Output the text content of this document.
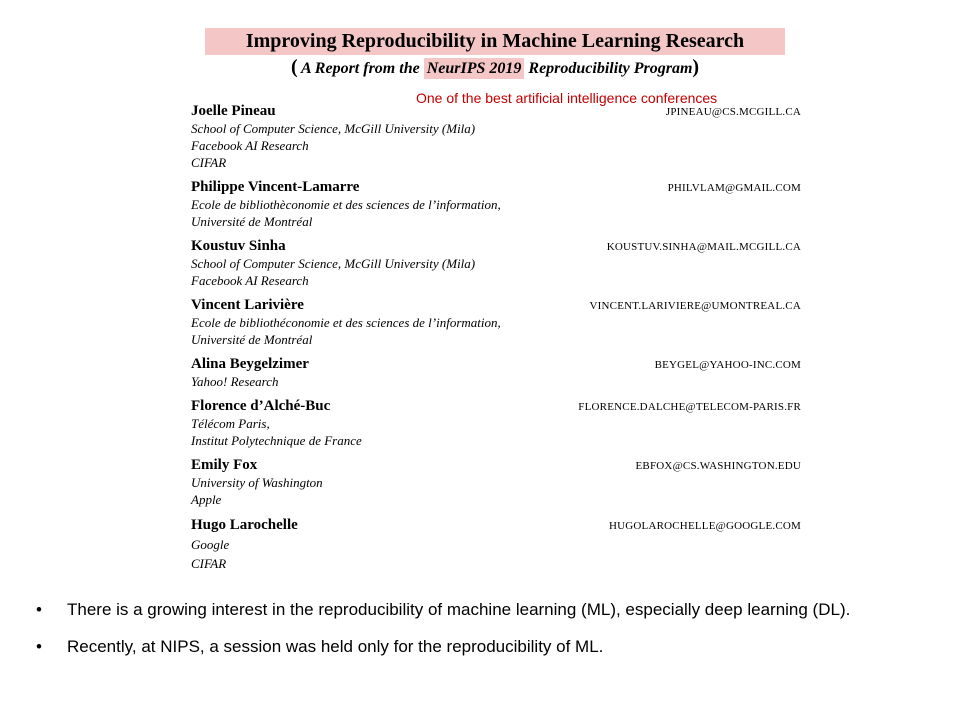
Improving Reproducibility in Machine Learning Research
( A Report from the NeurIPS 2019 Reproducibility Program)
One of the best artificial intelligence conferences
Joelle Pineau	JPINEAU@CS.MCGILL.CA
School of Computer Science, McGill University (Mila)
Facebook AI Research
CIFAR
Philippe Vincent-Lamarre	PHILVLAM@GMAIL.COM
Ecole de bibliothèconomie et des sciences de l’information,
Université de Montréal
Koustuv Sinha	KOUSTUV.SINHA@MAIL.MCGILL.CA
School of Computer Science, McGill University (Mila)
Facebook AI Research
Vincent Larivière	VINCENT.LARIVIERE@UMONTREAL.CA
Ecole de bibliothéconomie et des sciences de l’information,
Université de Montréal
Alina Beygelzimer	BEYGEL@YAHOO-INC.COM
Yahoo! Research
Florence d’Alché-Buc	FLORENCE.DALCHE@TELECOM-PARIS.FR
Télécom Paris,
Institut Polytechnique de France
Emily Fox	EBFOX@CS.WASHINGTON.EDU
University of Washington
Apple
Hugo Larochelle	HUGOLAROCHELLE@GOOGLE.COM
Google
CIFAR
• There is a growing interest in the reproducibility of machine learning (ML), especially deep learning (DL).
• Recently, at NIPS, a session was held only for the reproducibility of ML.
